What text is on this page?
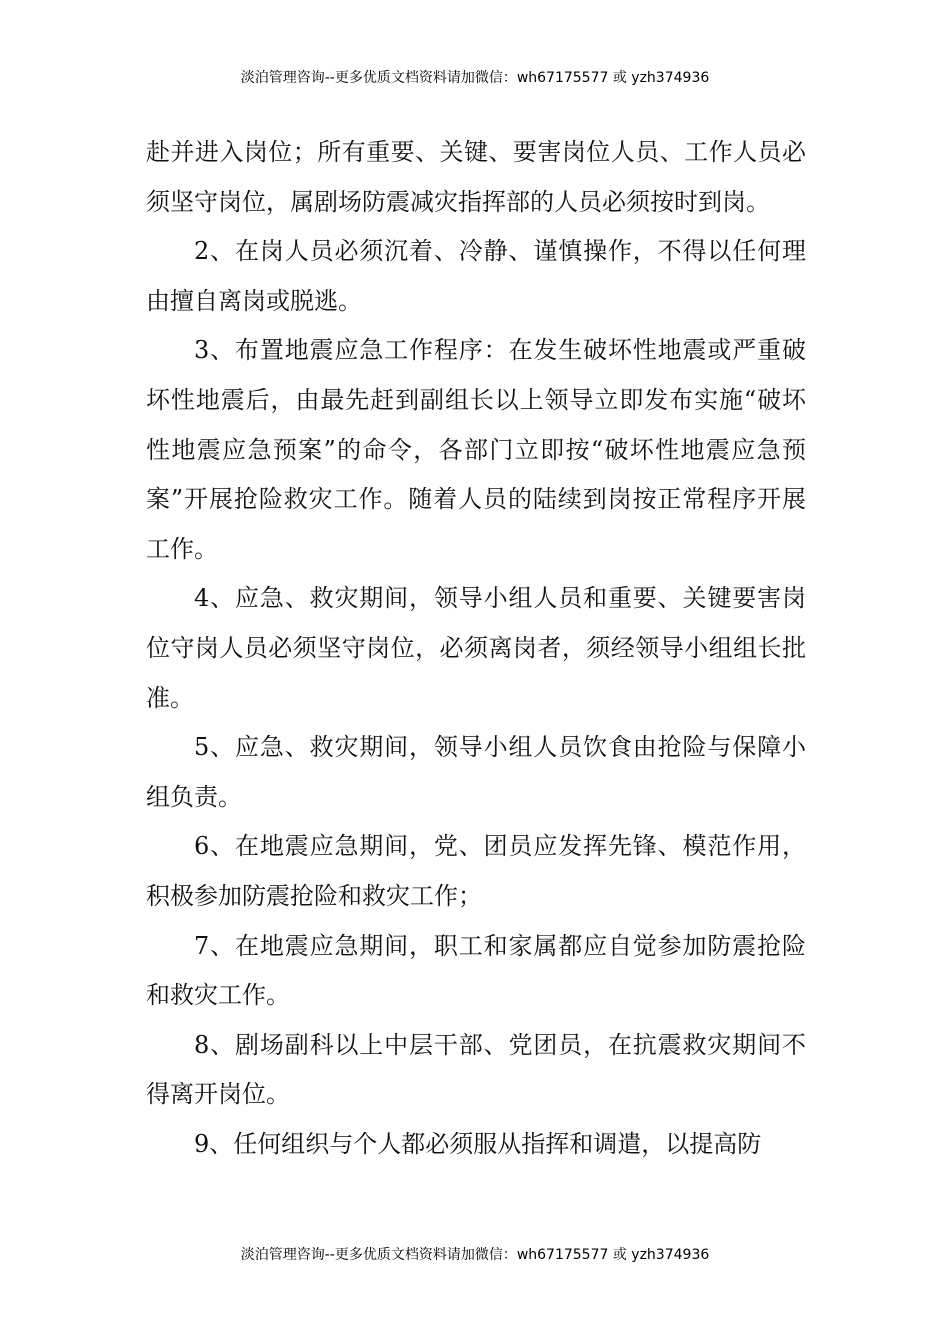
淡泊管理咨询--更多优质文档资料请加微信：wh67175577 或 yzh374936

赴并进入岗位；所有重要、关键、要害岗位人员、工作人员必须坚守岗位，属剧场防震减灾指挥部的人员必须按时到岗。

2、在岗人员必须沉着、冷静、谨慎操作，不得以任何理由擅自离岗或脱逃。

3、布置地震应急工作程序：在发生破坏性地震或严重破坏性地震后，由最先赶到副组长以上领导立即发布实施“破坏性地震应急预案”的命令，各部门立即按“破坏性地震应急预案”开展抢险救灾工作。随着人员的陆续到岗按正常程序开展工作。

4、应急、救灾期间，领导小组人员和重要、关键要害岗位守岗人员必须坚守岗位，必须离岗者，须经领导小组组长批准。

5、应急、救灾期间，领导小组人员饮食由抢险与保障小组负责。

6、在地震应急期间，党、团员应发挥先锋、模范作用，积极参加防震抢险和救灾工作；

7、在地震应急期间，职工和家属都应自觉参加防震抢险和救灾工作。

8、剧场副科以上中层干部、党团员，在抗震救灾期间不得离开岗位。

9、任何组织与个人都必须服从指挥和调遣，以提高防

淡泊管理咨询--更多优质文档资料请加微信：wh67175577 或 yzh374936
